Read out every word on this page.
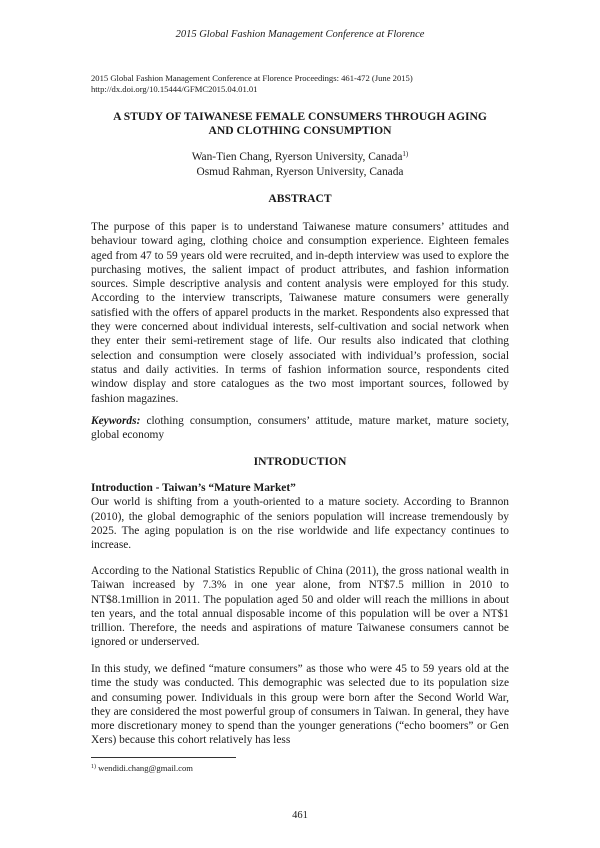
2015 Global Fashion Management Conference at Florence
2015 Global Fashion Management Conference at Florence Proceedings: 461-472 (June 2015)
http://dx.doi.org/10.15444/GFMC2015.04.01.01
A STUDY OF TAIWANESE FEMALE CONSUMERS THROUGH AGING
AND CLOTHING CONSUMPTION
Wan-Tien Chang, Ryerson University, Canada$^{1)}$
Osmud Rahman, Ryerson University, Canada
ABSTRACT

The purpose of this paper is to understand Taiwanese mature consumers’ attitudes and behaviour toward aging, clothing choice and consumption experience. Eighteen females aged from 47 to 59 years old were recruited, and in-depth interview was used to explore the purchasing motives, the salient impact of product attributes, and fashion information sources. Simple descriptive analysis and content analysis were employed for this study. According to the interview transcripts, Taiwanese mature consumers were generally satisfied with the offers of apparel products in the market. Respondents also expressed that they were concerned about individual interests, self-cultivation and social network when they enter their semi-retirement stage of life. Our results also indicated that clothing selection and consumption were closely associated with individual’s profession, social status and daily activities. In terms of fashion information source, respondents cited window display and store catalogues as the two most important sources, followed by fashion magazines.

Keywords: clothing consumption, consumers’ attitude, mature market, mature society, global economy

INTRODUCTION

Introduction - Taiwan’s “Mature Market”
Our world is shifting from a youth-oriented to a mature society. According to Brannon (2010), the global demographic of the seniors population will increase tremendously by 2025. The aging population is on the rise worldwide and life expectancy continues to increase.

According to the National Statistics Republic of China (2011), the gross national wealth in Taiwan increased by 7.3% in one year alone, from NT$7.5 million in 2010 to NT$8.1million in 2011. The population aged 50 and older will reach the millions in about ten years, and the total annual disposable income of this population will be over a NT$1 trillion. Therefore, the needs and aspirations of mature Taiwanese consumers cannot be ignored or underserved.

In this study, we defined “mature consumers” as those who were 45 to 59 years old at the time the study was conducted. This demographic was selected due to its population size and consuming power. Individuals in this group were born after the Second World War, they are considered the most powerful group of consumers in Taiwan. In general, they have more discretionary money to spend than the younger generations (“echo boomers” or Gen Xers) because this cohort relatively has less

$^{1)}$ wendidi.chang@gmail.com
461
